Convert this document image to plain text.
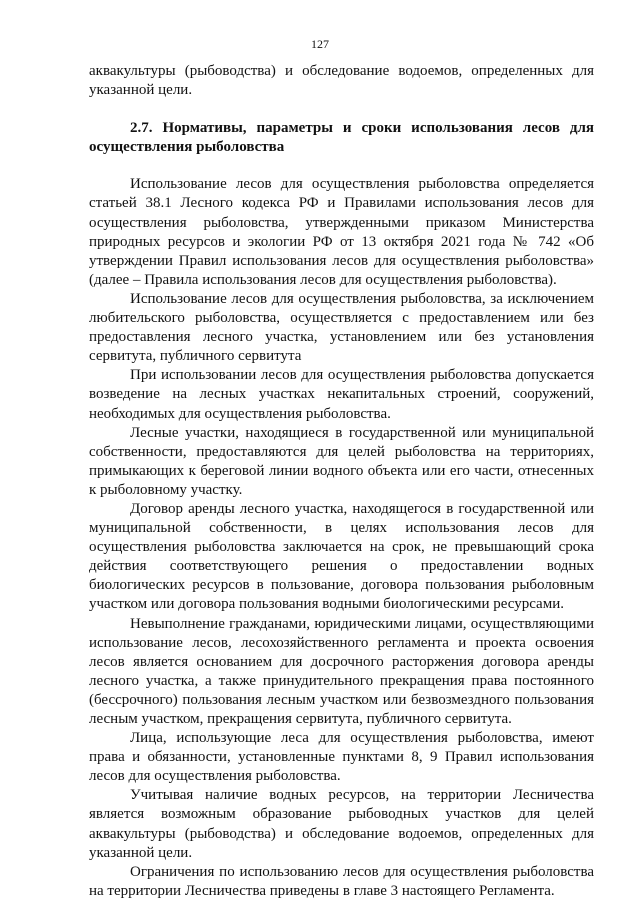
127

аквакультуры (рыбоводства) и обследование водоемов, определенных для указанной цели.

2.7. Нормативы, параметры и сроки использования лесов для осуществления рыболовства

Использование лесов для осуществления рыболовства определяется статьей 38.1 Лесного кодекса РФ и Правилами использования лесов для осуществления рыболовства, утвержденными приказом Министерства природных ресурсов и экологии РФ от 13 октября 2021 года № 742 «Об утверждении Правил использования лесов для осуществления рыболовства» (далее – Правила использования лесов для осуществления рыболовства).

Использование лесов для осуществления рыболовства, за исключением любительского рыболовства, осуществляется с предоставлением или без предоставления лесного участка, установлением или без установления сервитута, публичного сервитута

При использовании лесов для осуществления рыболовства допускается возведение на лесных участках некапитальных строений, сооружений, необходимых для осуществления рыболовства.

Лесные участки, находящиеся в государственной или муниципальной собственности, предоставляются для целей рыболовства на территориях, примыкающих к береговой линии водного объекта или его части, отнесенных к рыболовному участку.

Договор аренды лесного участка, находящегося в государственной или муниципальной собственности, в целях использования лесов для осуществления рыболовства заключается на срок, не превышающий срока действия соответствующего решения о предоставлении водных биологических ресурсов в пользование, договора пользования рыболовным участком или договора пользования водными биологическими ресурсами.

Невыполнение гражданами, юридическими лицами, осуществляющими использование лесов, лесохозяйственного регламента и проекта освоения лесов является основанием для досрочного расторжения договора аренды лесного участка, а также принудительного прекращения права постоянного (бессрочного) пользования лесным участком или безвозмездного пользования лесным участком, прекращения сервитута, публичного сервитута.

Лица, использующие леса для осуществления рыболовства, имеют права и обязанности, установленные пунктами 8, 9 Правил использования лесов для осуществления рыболовства.

Учитывая наличие водных ресурсов, на территории Лесничества является возможным образование рыбоводных участков для целей аквакультуры (рыбоводства) и обследование водоемов, определенных для указанной цели.

Ограничения по использованию лесов для осуществления рыболовства на территории Лесничества приведены в главе 3 настоящего Регламента.
